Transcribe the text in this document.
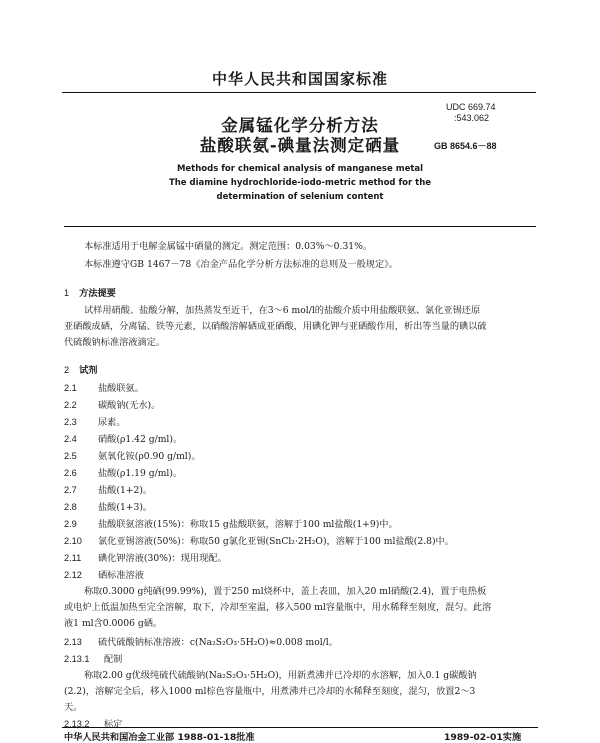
中华人民共和国国家标准
金属锰化学分析方法
盐酸联氨-碘量法测定硒量
UDC 669.74
:543.062
GB 8654.6－88
Methods for chemical analysis of manganese metal
The diamine hydrochloride-iodo-metric method for the
determination of selenium content
本标准适用于电解金属锰中硒量的测定。测定范围：0.03%～0.31%。
本标准遵守GB 1467－78《冶金产品化学分析方法标准的总则及一般规定》。
1 方法提要
试样用硝酸、盐酸分解，加热蒸发至近干，在3～6 mol/l的盐酸介质中用盐酸联氨、氯化亚锡还原
亚硒酸成硒，分离锰、铁等元素，以硝酸溶解硒成亚硒酸，用碘化钾与亚硒酸作用，析出等当量的碘以硫
代硫酸钠标准溶液滴定。
2 试剂
2.1 盐酸联氨。
2.2 碳酸钠(无水)。
2.3 尿素。
2.4 硝酸(ρ1.42 g/ml)。
2.5 氨氧化铵(ρ0.90 g/ml)。
2.6 盐酸(ρ1.19 g/ml)。
2.7 盐酸(1+2)。
2.8 盐酸(1+3)。
2.9 盐酸联氨溶液(15%)：称取15 g盐酸联氨，溶解于100 ml盐酸(1+9)中。
2.10 氯化亚锡溶液(50%)：称取50 g氯化亚锡(SnCl₂·2H₂O)，溶解于100 ml盐酸(2.8)中。
2.11 碘化钾溶液(30%)：现用现配。
2.12 硒标准溶液
称取0.3000 g纯硒(99.99%)，置于250 ml烧杯中，盖上表皿，加入20 ml硝酸(2.4)，置于电热板
或电炉上低温加热至完全溶解，取下，冷却至室温，移入500 ml容量瓶中，用水稀释至刻度，混匀。此溶
液1 ml含0.0006 g硒。
2.13 硫代硫酸钠标准溶液：c(Na₂S₂O₃·5H₂O)≈0.008 mol/l。
2.13.1 配制
称取2.00 g优级纯硫代硫酸钠(Na₂S₂O₃·5H₂O)，用新煮沸并已冷却的水溶解，加入0.1 g碳酸钠
(2.2)，溶解完全后，移入1000 ml棕色容量瓶中，用煮沸并已冷却的水稀释至刻度，混匀，放置2～3
天。
2.13.2 标定
中华人民共和国冶金工业部 1988-01-18批准	1989-02-01实施
